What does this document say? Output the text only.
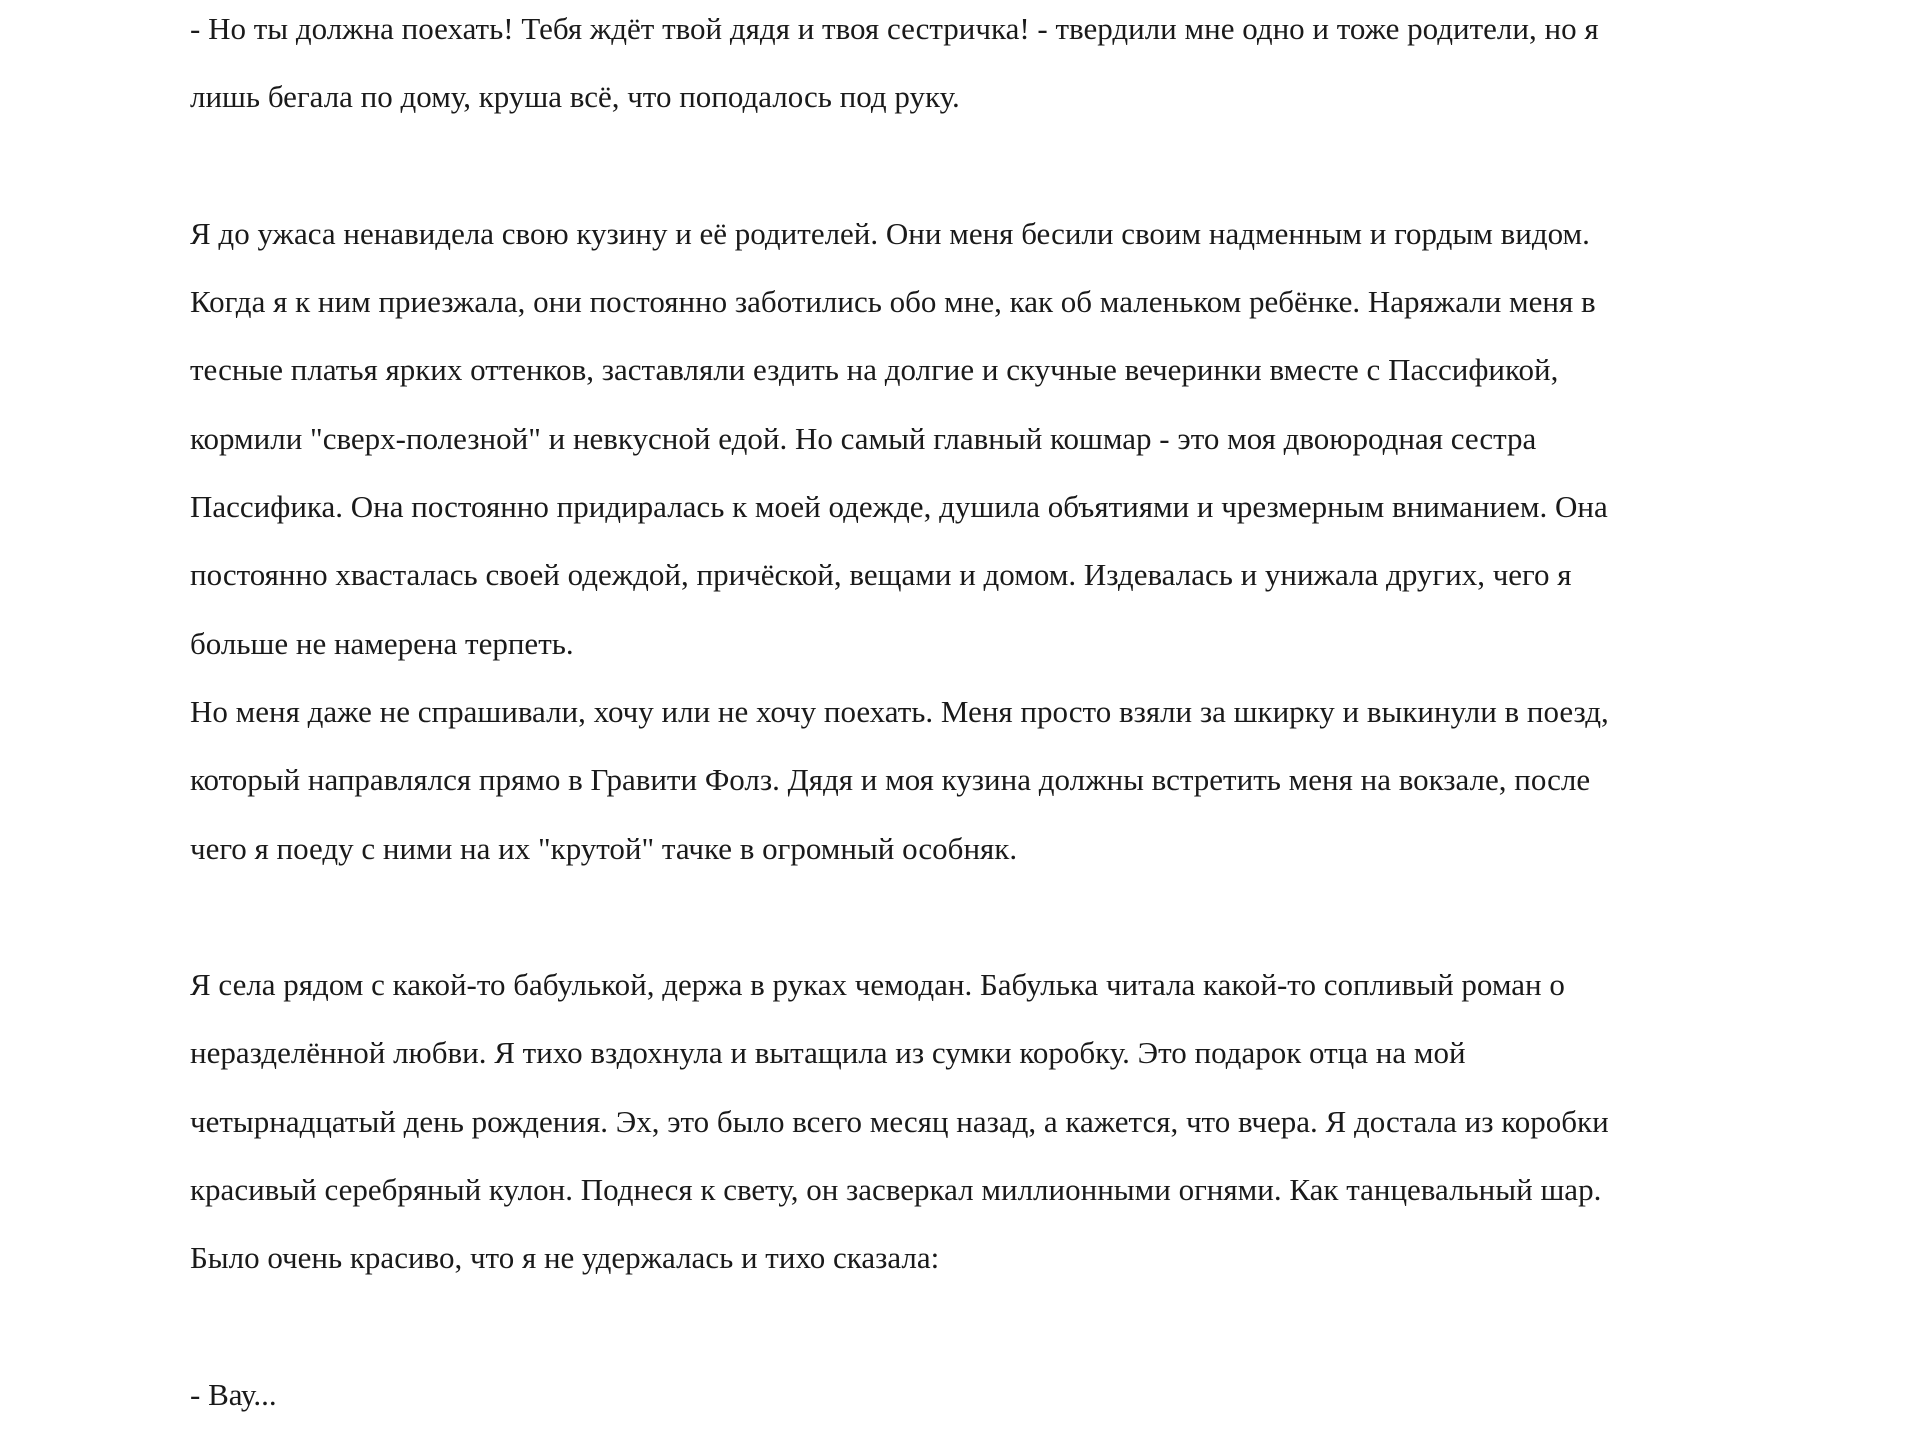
- Но ты должна поехать! Тебя ждёт твой дядя и твоя сестричка! - твердили мне одно и тоже родители, но я
лишь бегала по дому, круша всё, что поподалось под руку.
Я до ужаса ненавидела свою кузину и её родителей. Они меня бесили своим надменным и гордым видом.
Когда я к ним приезжала, они постоянно заботились обо мне, как об маленьком ребёнке. Наряжали меня в
тесные платья ярких оттенков, заставляли ездить на долгие и скучные вечеринки вместе с Пассификой,
кормили "сверх-полезной" и невкусной едой. Но самый главный кошмар - это моя двоюродная сестра
Пассифика. Она постоянно придиралась к моей одежде, душила объятиями и чрезмерным вниманием. Она
постоянно хвасталась своей одеждой, причёской, вещами и домом. Издевалась и унижала других, чего я
больше не намерена терпеть.
Но меня даже не спрашивали, хочу или не хочу поехать. Меня просто взяли за шкирку и выкинули в поезд,
который направлялся прямо в Гравити Фолз. Дядя и моя кузина должны встретить меня на вокзале, после
чего я поеду с ними на их "крутой" тачке в огромный особняк.
Я села рядом с какой-то бабулькой, держа в руках чемодан. Бабулька читала какой-то сопливый роман о
неразделённой любви. Я тихо вздохнула и вытащила из сумки коробку. Это подарок отца на мой
четырнадцатый день рождения. Эх, это было всего месяц назад, а кажется, что вчера. Я достала из коробки
красивый серебряный кулон. Поднеся к свету, он засверкал миллионными огнями. Как танцевальный шар.
Было очень красиво, что я не удержалась и тихо сказала:
- Вау...
